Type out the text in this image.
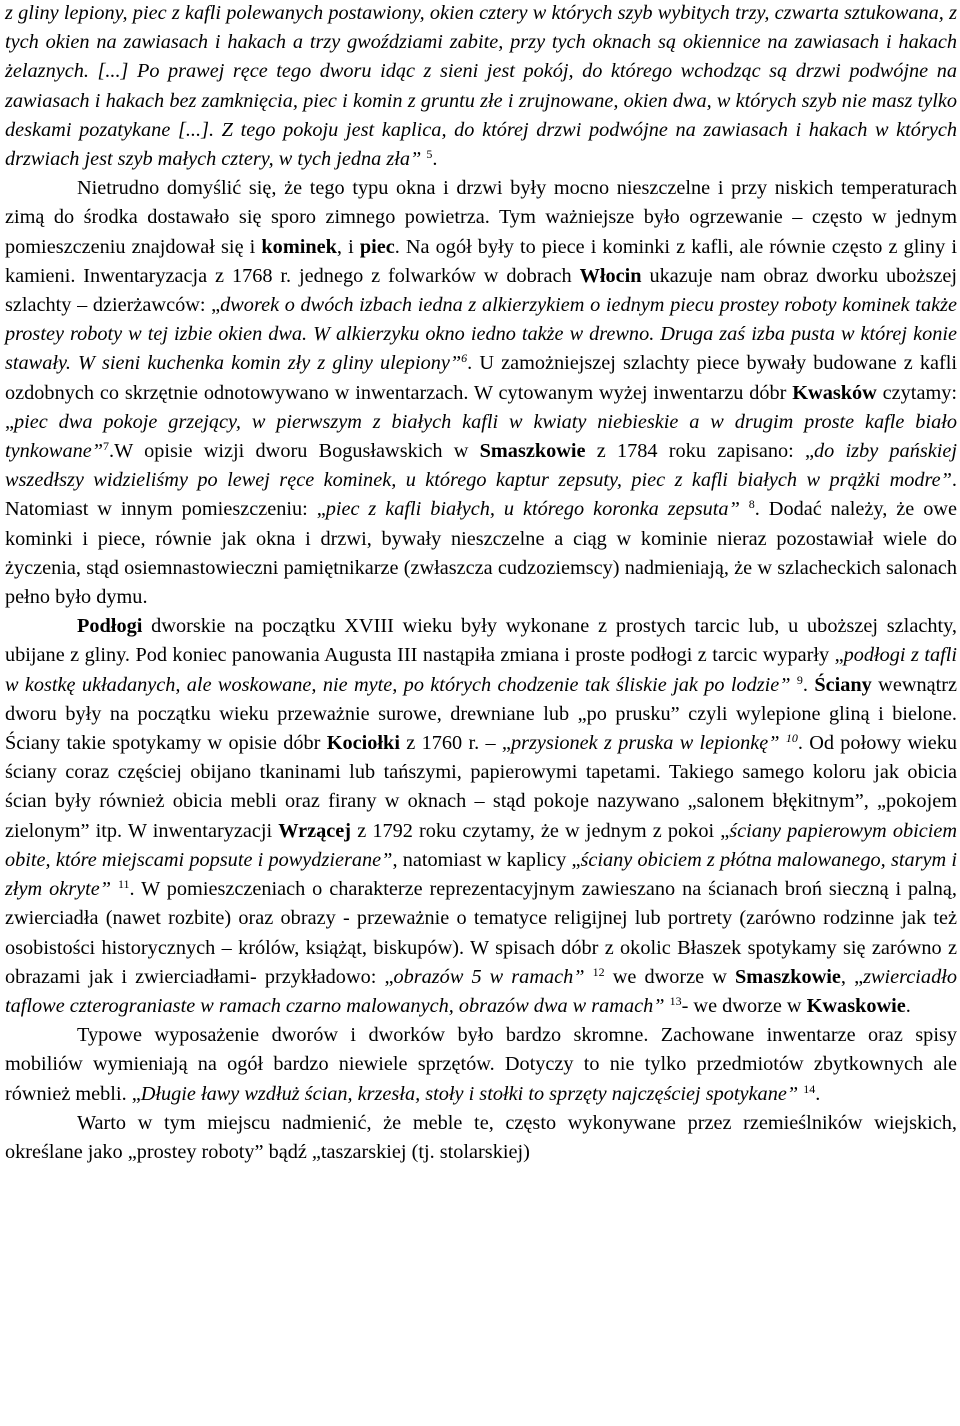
z gliny lepiony, piec z kafli polewanych postawiony, okien cztery w których szyb wybitych trzy, czwarta sztukowana, z tych okien na zawiasach i hakach a trzy gwoździami zabite, przy tych oknach są okiennice na zawiasach i hakach żelaznych. [...] Po prawej ręce tego dworu idąc z sieni jest pokój, do którego wchodząc są drzwi podwójne na zawiasach i hakach bez zamknięcia, piec i komin z gruntu złe i zrujnowane, okien dwa, w których szyb nie masz tylko deskami pozatykane [...]. Z tego pokoju jest kaplica, do której drzwi podwójne na zawiasach i hakach w których drzwiach jest szyb małych cztery, w tych jedna zła” $^5$.

Nietrudno domyślić się, że tego typu okna i drzwi były mocno nieszczelne i przy niskich temperaturach zimą do środka dostawało się sporo zimnego powietrza. Tym ważniejsze było ogrzewanie – często w jednym pomieszczeniu znajdował się i kominek, i piec. Na ogół były to piece i kominki z kafli, ale równie często z gliny i kamieni. Inwentaryzacja z 1768 r. jednego z folwarków w dobrach Włocin ukazuje nam obraz dworku uboższej szlachty – dzierżawców: „dworek o dwóch izbach iedna z alkierzykiem o iednym piecu prostey roboty kominek także prostey roboty w tej izbie okien dwa. W alkierzyku okno iedno także w drewno. Druga zaś izba pusta w której konie stawały. W sieni kuchenka komin zły z gliny ulepiony”$^6$. U zamożniejszej szlachty piece bywały budowane z kafli ozdobnych co skrzętnie odnotowywano w inwentarzach. W cytowanym wyżej inwentarzu dóbr Kwasków czytamy: „piec dwa pokoje grzejący, w pierwszym z białych kafli w kwiaty niebieskie a w drugim proste kafle biało tynkowane”$^7$.W opisie wizji dworu Bogusławskich w Smaszkowie z 1784 roku zapisano: „do izby pańskiej wszedłszy widzieliśmy po lewej ręce kominek, u którego kaptur zepsuty, piec z kafli białych w prążki modre”. Natomiast w innym pomieszczeniu: „piec z kafli białych, u którego koronka zepsuta” $^8$. Dodać należy, że owe kominki i piece, równie jak okna i drzwi, bywały nieszczelne a ciąg w kominie nieraz pozostawiał wiele do życzenia, stąd osiemnastowieczni pamiętnikarze (zwłaszcza cudzoziemscy) nadmieniają, że w szlacheckich salonach pełno było dymu.

Podłogi dworskie na początku XVIII wieku były wykonane z prostych tarcic lub, u uboższej szlachty, ubijane z gliny. Pod koniec panowania Augusta III nastąpiła zmiana i proste podłogi z tarcic wyparły „podłogi z tafli w kostkę układanych, ale woskowane, nie myte, po których chodzenie tak śliskie jak po lodzie” $^9$. Ściany wewnątrz dworu były na początku wieku przeważnie surowe, drewniane lub „po prusku” czyli wylepione gliną i bielone. Ściany takie spotykamy w opisie dóbr Kociołki z 1760 r. – „przysionek z pruska w lepionkę” $^{10}$. Od połowy wieku ściany coraz częściej obijano tkaninami lub tańszymi, papierowymi tapetami. Takiego samego koloru jak obicia ścian były również obicia mebli oraz firany w oknach – stąd pokoje nazywano „salonem błękitnym”, „pokojem zielonym” itp. W inwentaryzacji Wrzącej z 1792 roku czytamy, że w jednym z pokoi „ściany papierowym obiciem obite, które miejscami popsute i powydzierane”, natomiast w kaplicy „ściany obiciem z płótna malowanego, starym i złym okryte” $^{11}$. W pomieszczeniach o charakterze reprezentacyjnym zawieszano na ścianach broń sieczną i palną, zwierciadła (nawet rozbite) oraz obrazy - przeważnie o tematyce religijnej lub portrety (zarówno rodzinne jak też osobistości historycznych – królów, książąt, biskupów). W spisach dóbr z okolic Błaszek spotykamy się zarówno z obrazami jak i zwierciadłami- przykładowo: „obrazów 5 w ramach” $^{12}$ we dworze w Smaszkowie, „zwierciadło taflowe czterograniaste w ramach czarno malowanych, obrazów dwa w ramach” $^{13}$- we dworze w Kwaskowie.

Typowe wyposażenie dworów i dworków było bardzo skromne. Zachowane inwentarze oraz spisy mobiliów wymieniają na ogół bardzo niewiele sprzętów. Dotyczy to nie tylko przedmiotów zbytkownych ale również mebli. „Długie ławy wzdłuż ścian, krzesła, stoły i stołki to sprzęty najczęściej spotykane” $^{14}$.

Warto w tym miejscu nadmienić, że meble te, często wykonywane przez rzemieślników wiejskich, określane jako „prostey roboty” bądź „taszarskiej (tj. stolarskiej)
